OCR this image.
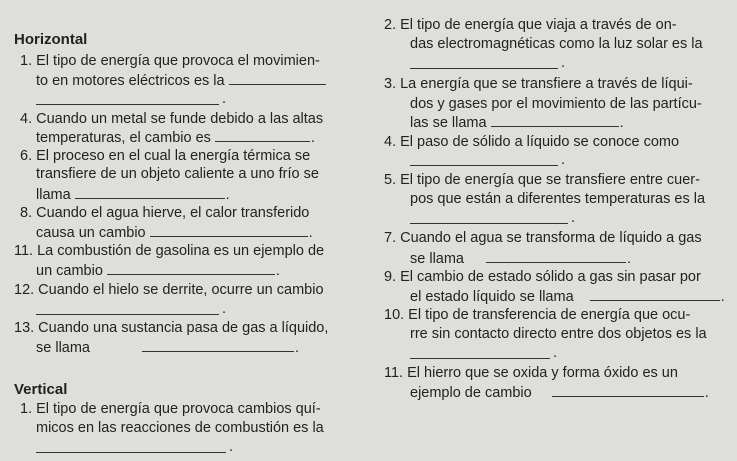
Horizontal
1. El tipo de energía que provoca el movimien-
to en motores eléctricos es la
.
4. Cuando un metal se funde debido a las altas
temperaturas, el cambio es	.
6. El proceso en el cual la energía térmica se
transfiere de un objeto caliente a uno frío se
llama	.
8. Cuando el agua hierve, el calor transferido
causa un cambio	.
11. La combustión de gasolina es un ejemplo de
un cambio	.
12. Cuando el hielo se derrite, ocurre un cambio
.
13. Cuando una sustancia pasa de gas a líquido,
se llama	.
Vertical
1. El tipo de energía que provoca cambios quí-
micos en las reacciones de combustión es la
.
2. El tipo de energía que viaja a través de on-
das electromagnéticas como la luz solar es la
.
3. La energía que se transfiere a través de líqui-
dos y gases por el movimiento de las partícu-
las se llama	.
4. El paso de sólido a líquido se conoce como
.
5. El tipo de energía que se transfiere entre cuer-
pos que están a diferentes temperaturas es la
.
7. Cuando el agua se transforma de líquido a gas
se llama	.
9. El cambio de estado sólido a gas sin pasar por
el estado líquido se llama	.
10. El tipo de transferencia de energía que ocu-
rre sin contacto directo entre dos objetos es la
.
11. El hierro que se oxida y forma óxido es un
ejemplo de cambio	.
